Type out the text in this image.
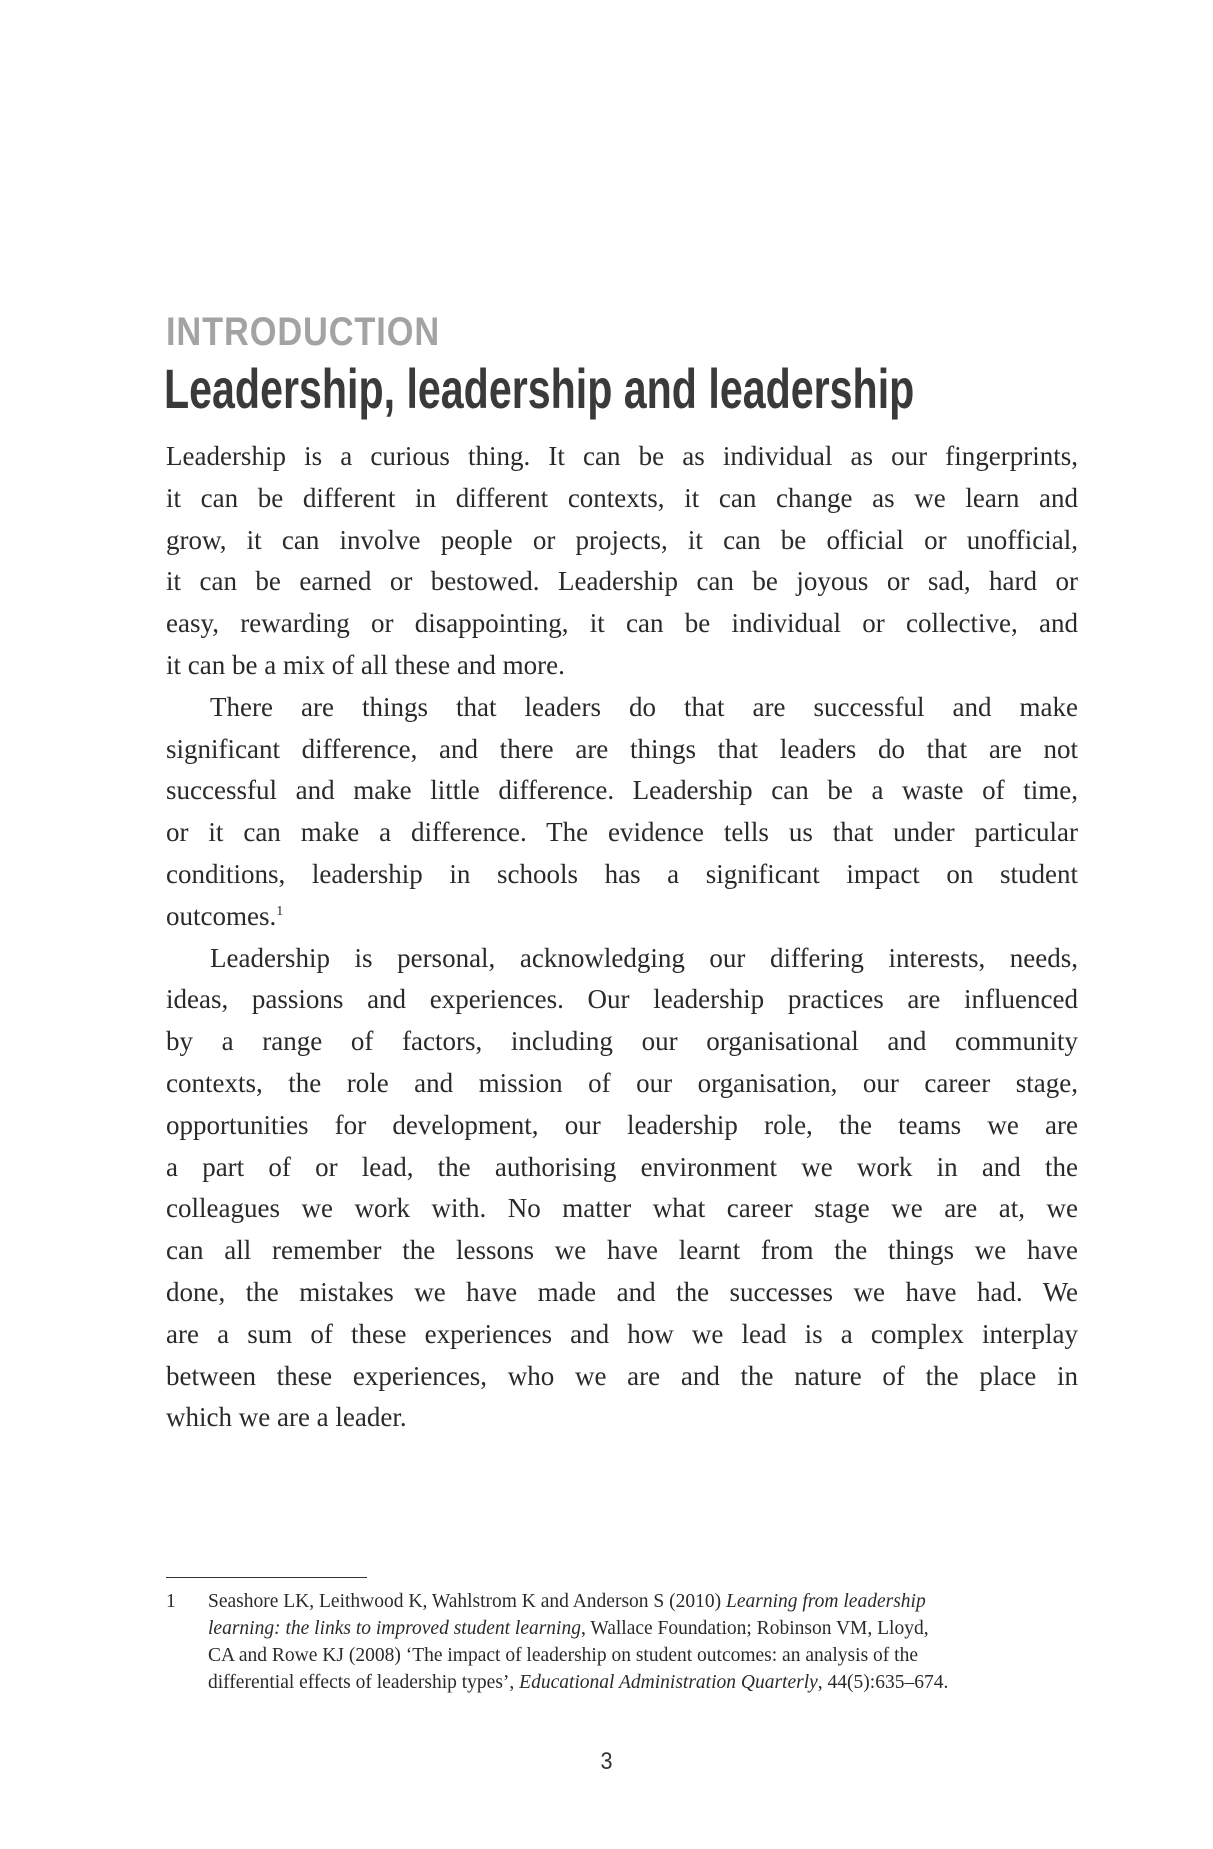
INTRODUCTION
Leadership, leadership and leadership
Leadership is a curious thing. It can be as individual as our fingerprints,
it can be different in different contexts, it can change as we learn and
grow, it can involve people or projects, it can be official or unofficial,
it can be earned or bestowed. Leadership can be joyous or sad, hard or
easy, rewarding or disappointing, it can be individual or collective, and
it can be a mix of all these and more.
There are things that leaders do that are successful and make
significant difference, and there are things that leaders do that are not
successful and make little difference. Leadership can be a waste of time,
or it can make a difference. The evidence tells us that under particular
conditions, leadership in schools has a significant impact on student
outcomes.$^1$
Leadership is personal, acknowledging our differing interests, needs,
ideas, passions and experiences. Our leadership practices are influenced
by a range of factors, including our organisational and community
contexts, the role and mission of our organisation, our career stage,
opportunities for development, our leadership role, the teams we are
a part of or lead, the authorising environment we work in and the
colleagues we work with. No matter what career stage we are at, we
can all remember the lessons we have learnt from the things we have
done, the mistakes we have made and the successes we have had. We
are a sum of these experiences and how we lead is a complex interplay
between these experiences, who we are and the nature of the place in
which we are a leader.
1 Seashore LK, Leithwood K, Wahlstrom K and Anderson S (2010) Learning from leadership
learning: the links to improved student learning, Wallace Foundation; Robinson VM, Lloyd,
CA and Rowe KJ (2008) ‘The impact of leadership on student outcomes: an analysis of the
differential effects of leadership types’, Educational Administration Quarterly, 44(5):635–674.
3
